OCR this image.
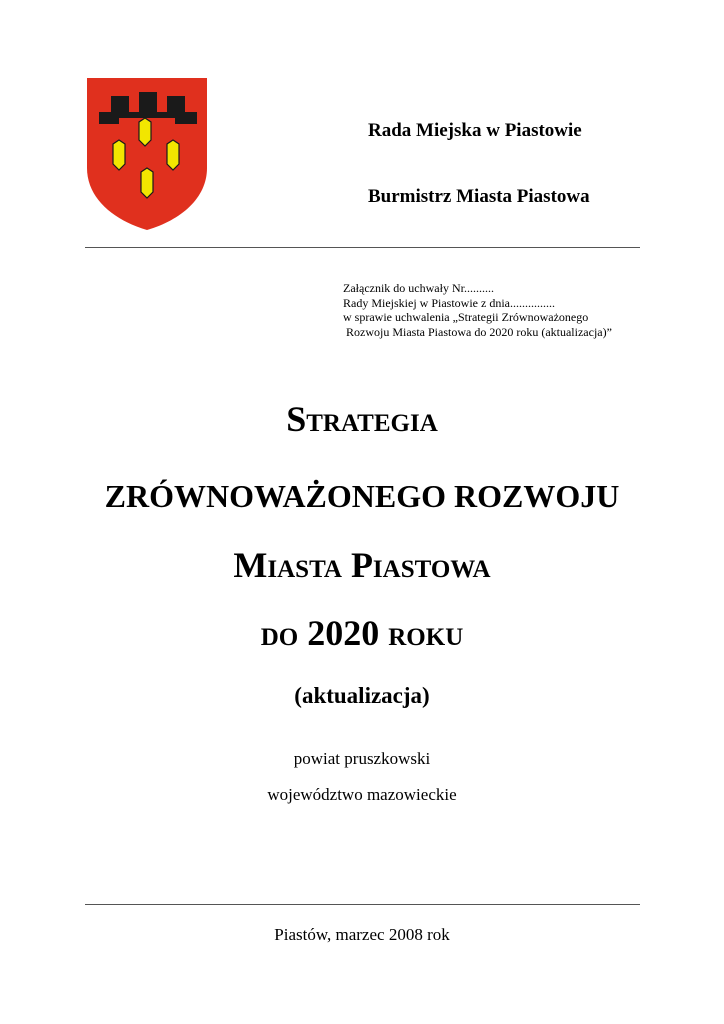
Rada Miejska w Piastowie
Burmistrz Miasta Piastowa
Załącznik do uchwały Nr..........
Rady Miejskiej w Piastowie z dnia...............
w sprawie uchwalenia „Strategii Zrównoważonego
Rozwoju Miasta Piastowa do 2020 roku (aktualizacja)”
Strategia
ZRÓWNOWAŻONEGO ROZWOJU
Miasta Piastowa
do 2020 roku
(aktualizacja)
powiat pruszkowski
województwo mazowieckie
Piastów, marzec 2008 rok
